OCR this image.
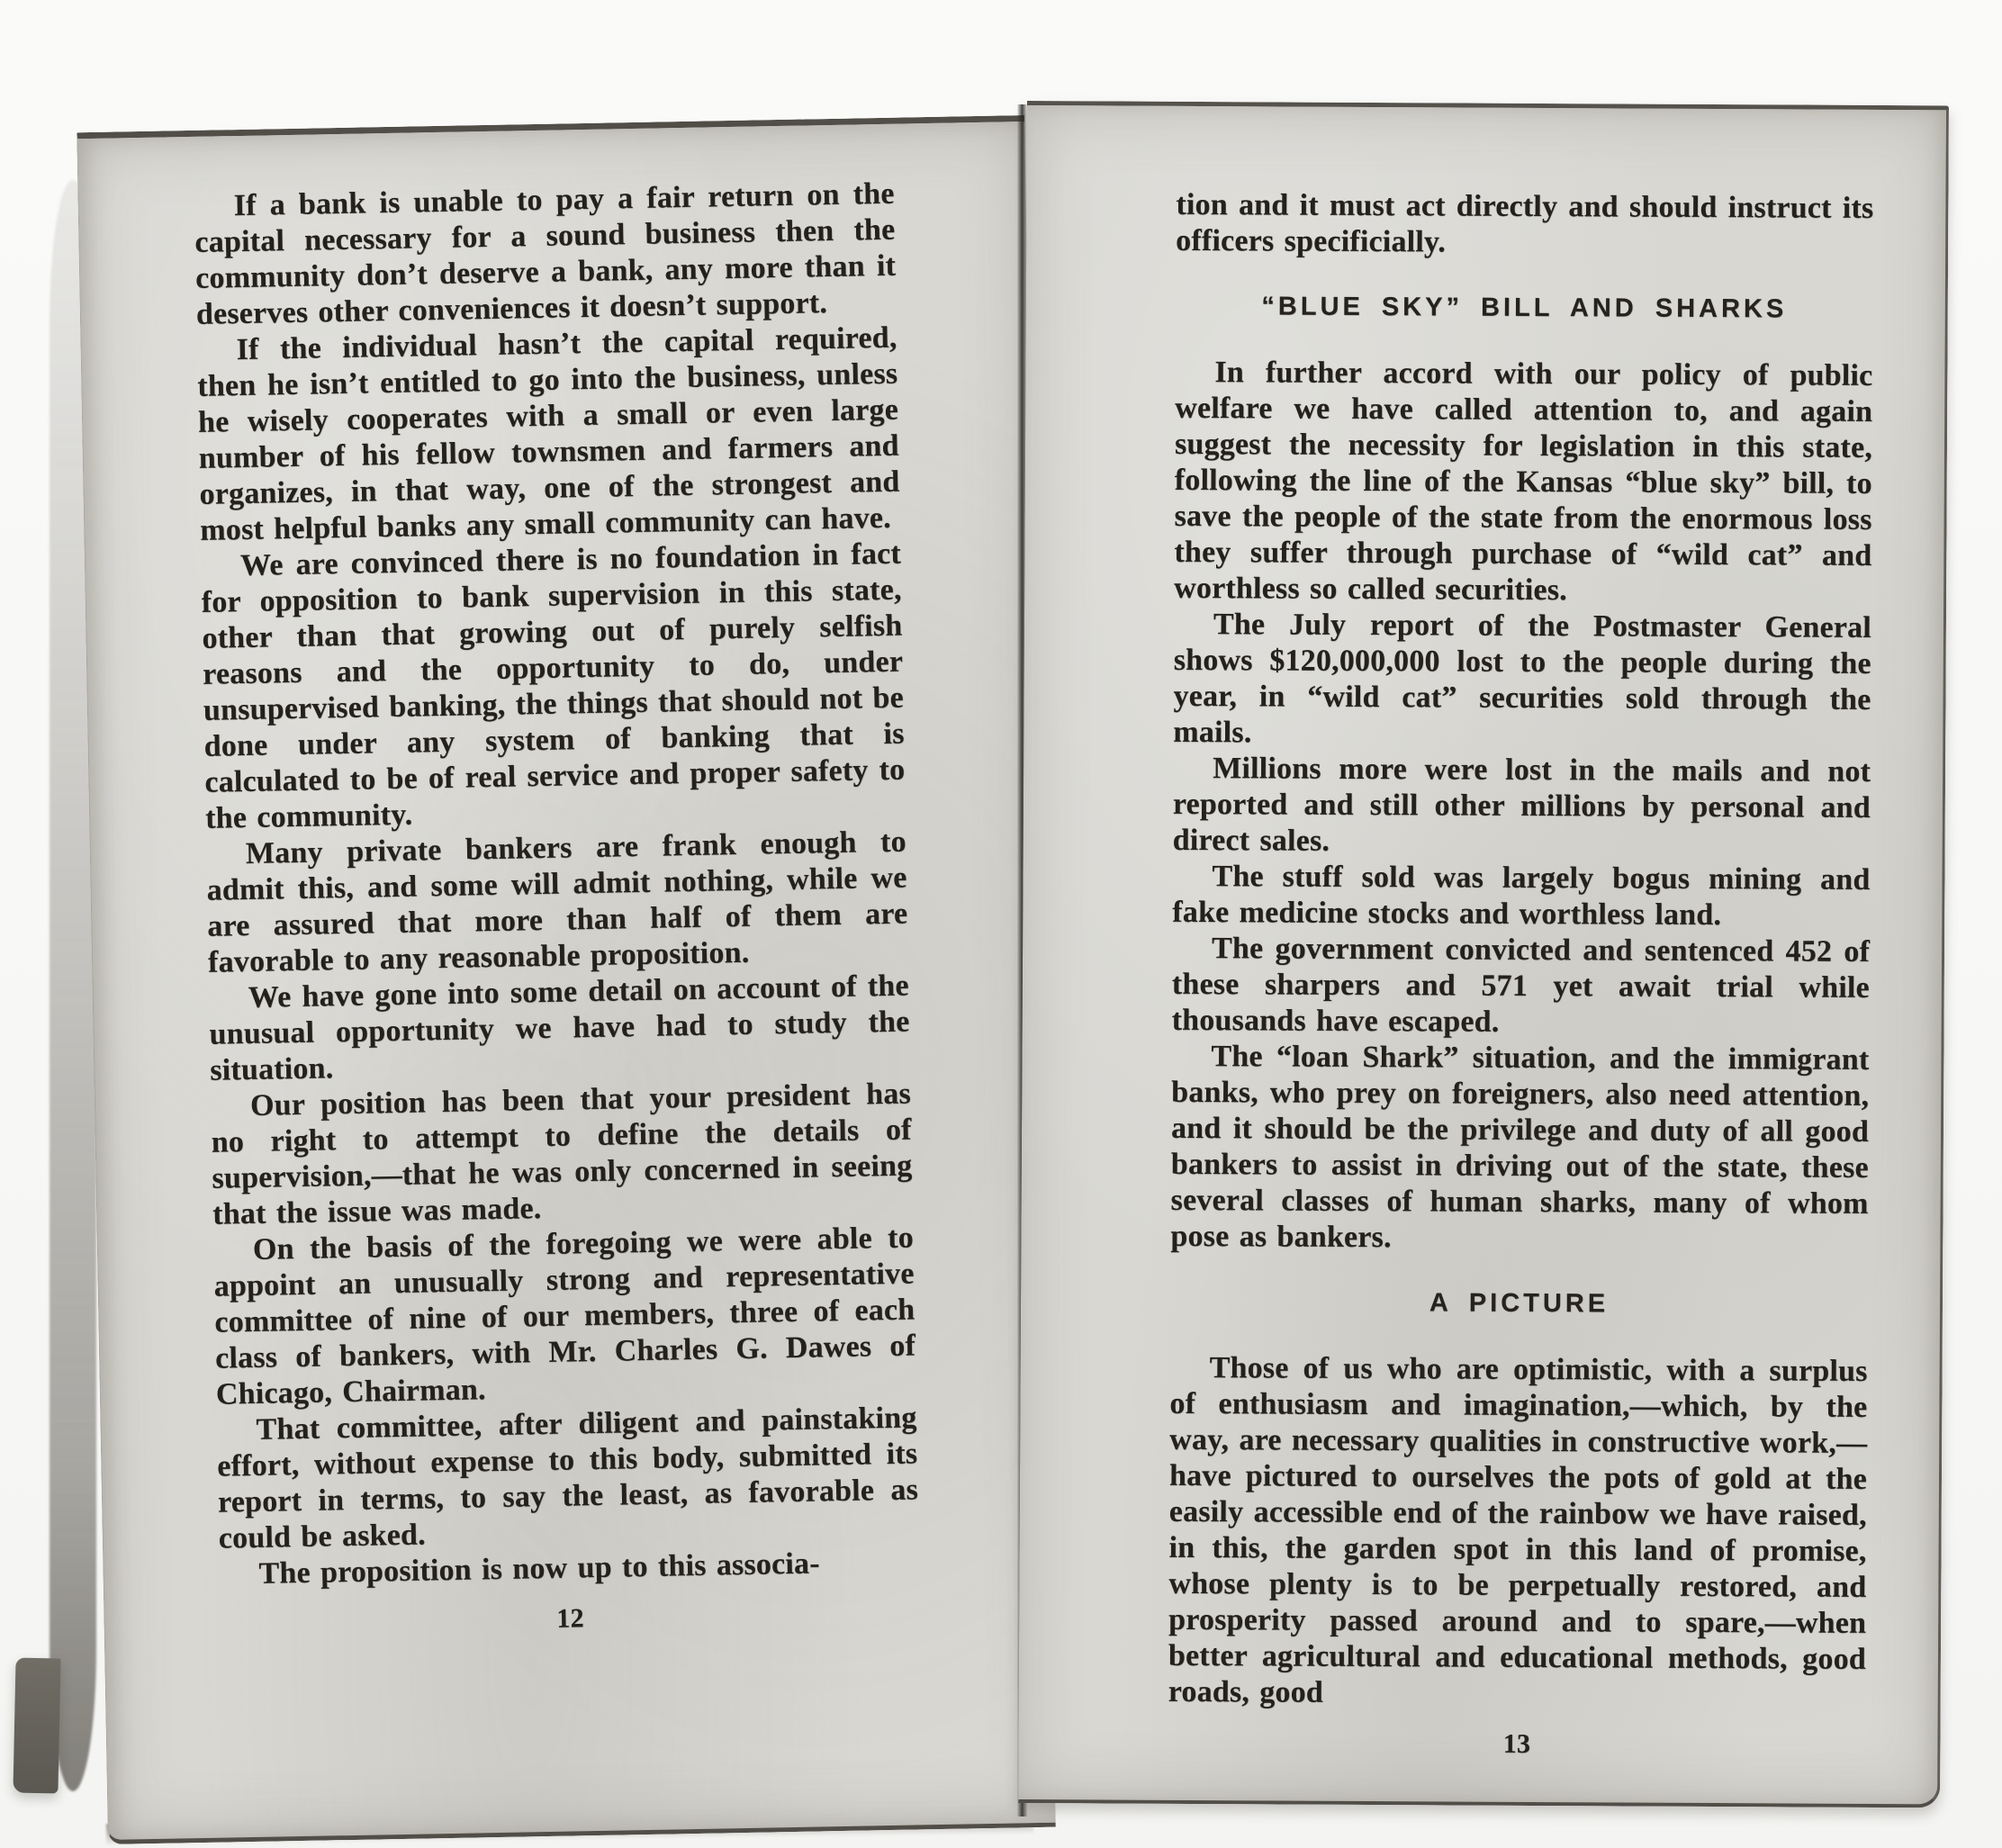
If a bank is unable to pay a fair return on the capital necessary for a sound business then the community don’t deserve a bank, any more than it deserves other conveniences it doesn’t support.

If the individual hasn’t the capital required, then he isn’t entitled to go into the business, unless he wisely cooperates with a small or even large number of his fellow townsmen and farmers and organizes, in that way, one of the strongest and most helpful banks any small community can have.

We are convinced there is no foundation in fact for opposition to bank supervision in this state, other than that growing out of purely selfish reasons and the opportunity to do, under unsupervised banking, the things that should not be done under any system of banking that is calculated to be of real service and proper safety to the community.

Many private bankers are frank enough to admit this, and some will admit nothing, while we are assured that more than half of them are favorable to any reasonable proposition.

We have gone into some detail on account of the unusual opportunity we have had to study the situation.

Our position has been that your president has no right to attempt to define the details of supervision,—that he was only concerned in seeing that the issue was made.

On the basis of the foregoing we were able to appoint an unusually strong and representative committee of nine of our members, three of each class of bankers, with Mr. Charles G. Dawes of Chicago, Chairman.

That committee, after diligent and painstaking effort, without expense to this body, submitted its report in terms, to say the least, as favorable as could be asked.

The proposition is now up to this associa-

12

tion and it must act directly and should instruct its officers specificially.

“BLUE SKY” BILL AND SHARKS

In further accord with our policy of public welfare we have called attention to, and again suggest the necessity for legislation in this state, following the line of the Kansas “blue sky” bill, to save the people of the state from the enormous loss they suffer through purchase of “wild cat” and worthless so called securities.

The July report of the Postmaster General shows $120,000,000 lost to the people during the year, in “wild cat” securities sold through the mails.

Millions more were lost in the mails and not reported and still other millions by personal and direct sales.

The stuff sold was largely bogus mining and fake medicine stocks and worthless land.

The government convicted and sentenced 452 of these sharpers and 571 yet await trial while thousands have escaped.

The “loan Shark” situation, and the immigrant banks, who prey on foreigners, also need attention, and it should be the privilege and duty of all good bankers to assist in driving out of the state, these several classes of human sharks, many of whom pose as bankers.

A PICTURE

Those of us who are optimistic, with a surplus of enthusiasm and imagination,—which, by the way, are necessary qualities in constructive work,—have pictured to ourselves the pots of gold at the easily accessible end of the rainbow we have raised, in this, the garden spot in this land of promise, whose plenty is to be perpetually restored, and prosperity passed around and to spare,—when better agricultural and educational methods, good roads, good

13
